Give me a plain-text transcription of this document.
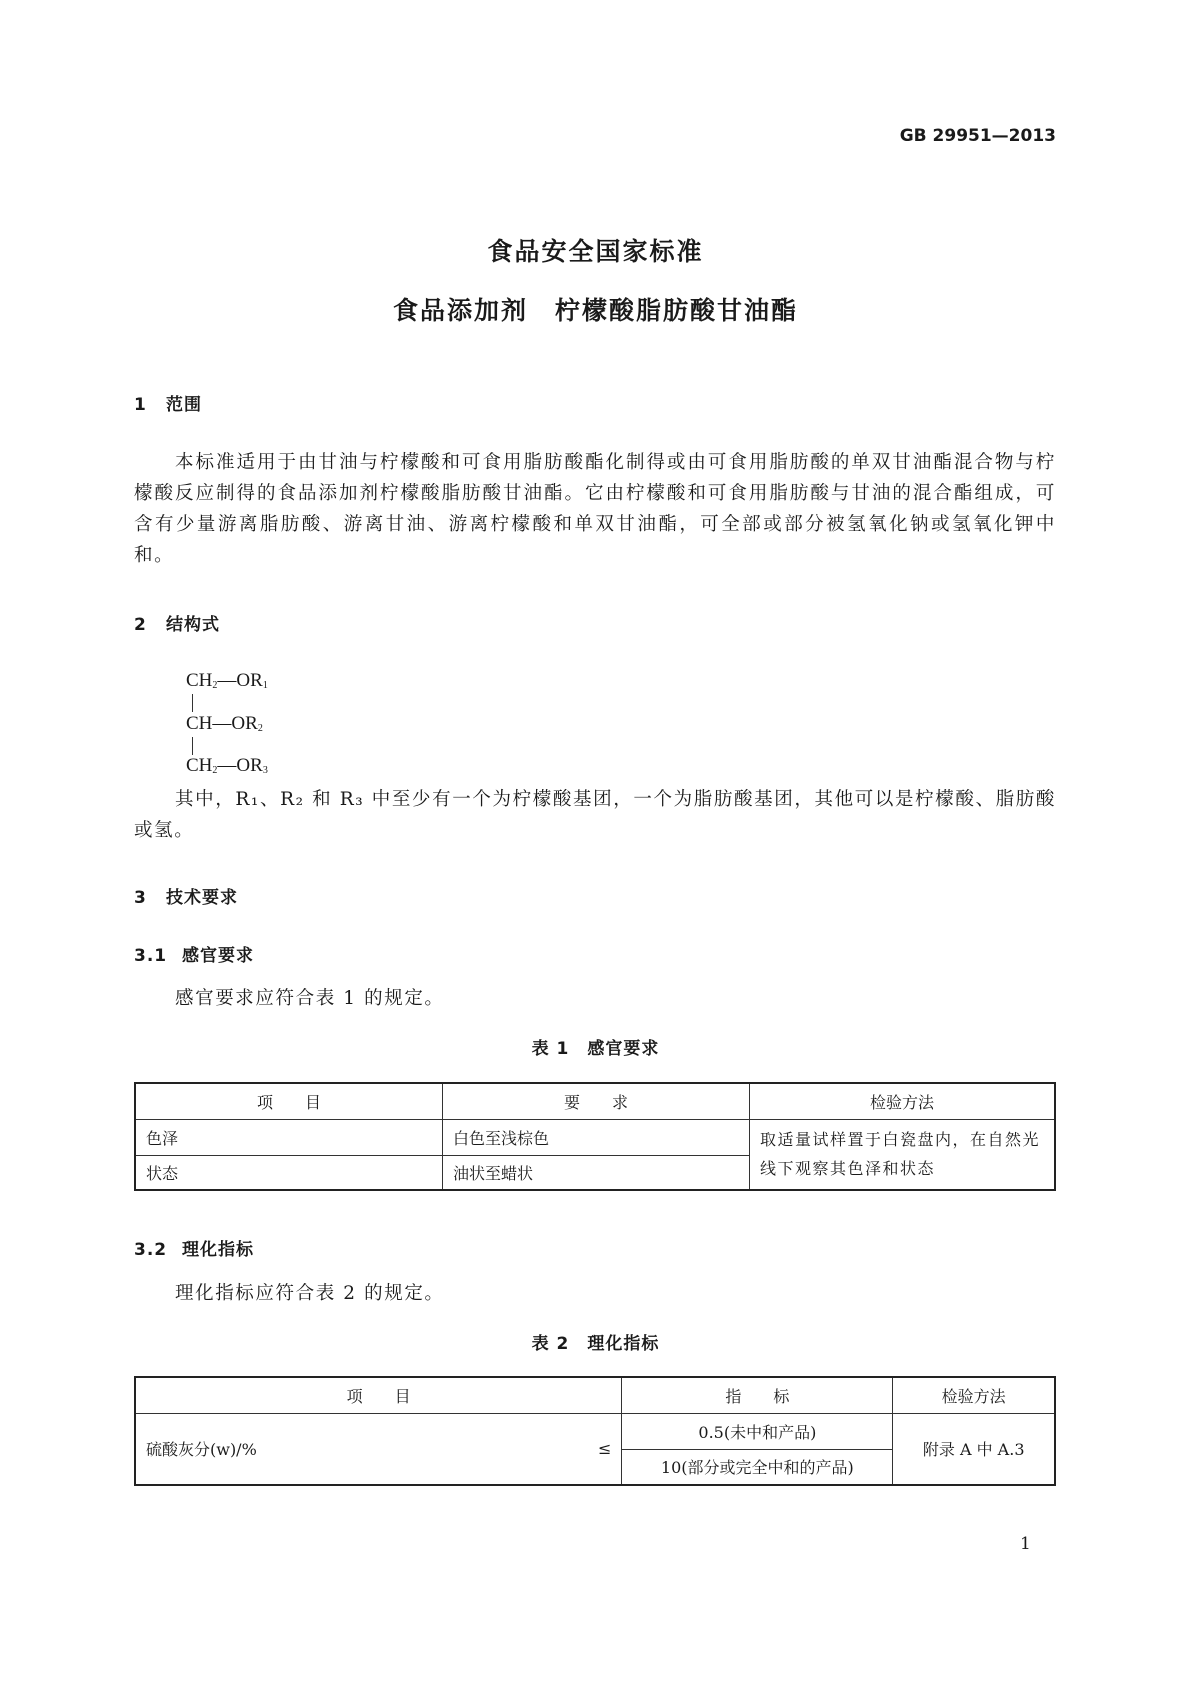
GB 29951—2013
食品安全国家标准
食品添加剂　柠檬酸脂肪酸甘油酯
1 范围
本标准适用于由甘油与柠檬酸和可食用脂肪酸酯化制得或由可食用脂肪酸的单双甘油酯混合物与柠檬酸反应制得的食品添加剂柠檬酸脂肪酸甘油酯。它由柠檬酸和可食用脂肪酸与甘油的混合酯组成，可含有少量游离脂肪酸、游离甘油、游离柠檬酸和单双甘油酯，可全部或部分被氢氧化钠或氢氧化钾中和。
2 结构式
$CH_2—OR_1$
$CH—OR_2$
$CH_2—OR_3$
其中，R₁、R₂ 和 R₃ 中至少有一个为柠檬酸基团，一个为脂肪酸基团，其他可以是柠檬酸、脂肪酸或氢。
3 技术要求
3.1 感官要求
感官要求应符合表 1 的规定。
表 1　感官要求
项　　目	要　　求	检验方法
色泽	白色至浅棕色	取适量试样置于白瓷盘内，在自然光线下观察其色泽和状态
状态	油状至蜡状	
3.2 理化指标
理化指标应符合表 2 的规定。
表 2　理化指标
项　　目		指　　标	检验方法
硫酸灰分(w)/%	≤	0.5(未中和产品)	附录 A 中 A.3
		10(部分或完全中和的产品)	
1
